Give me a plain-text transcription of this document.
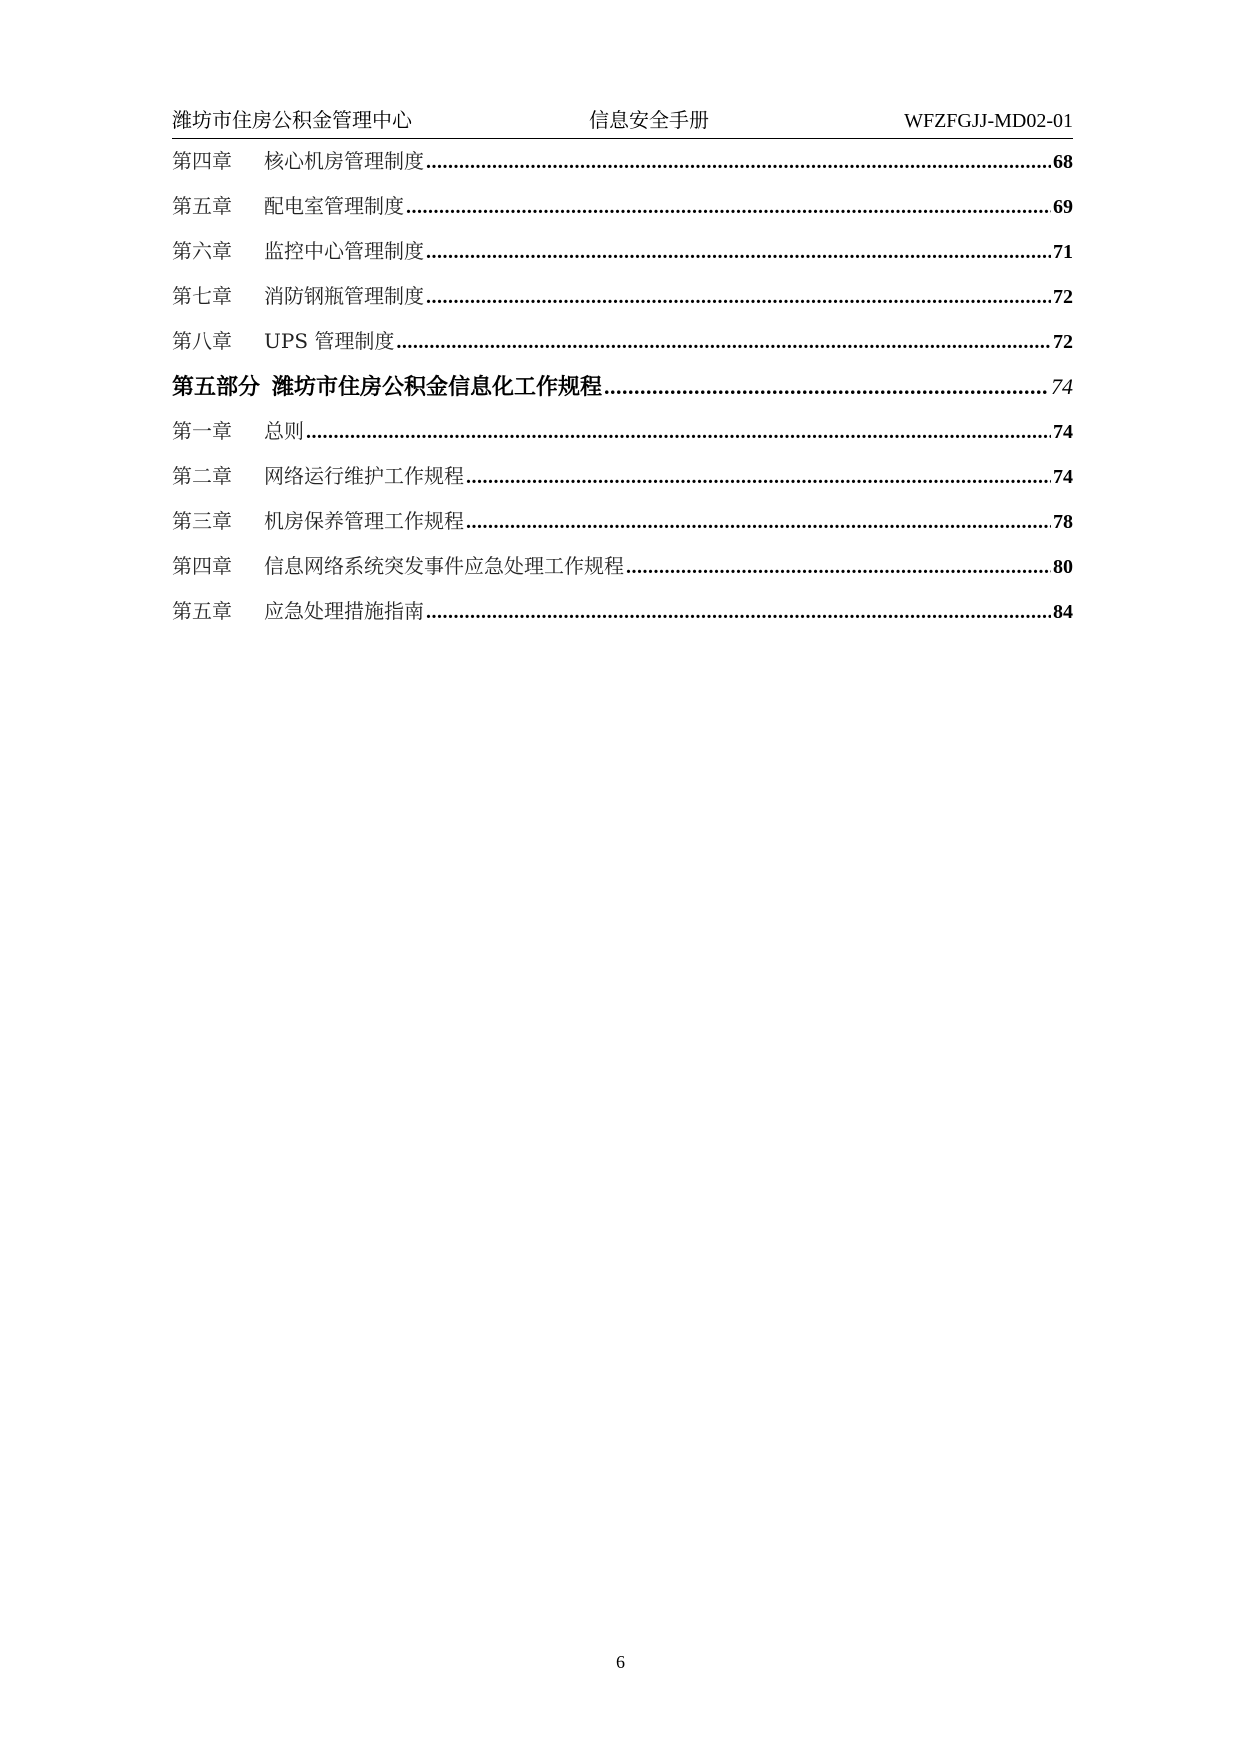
潍坊市住房公积金管理中心	信息安全手册	WFZFGJJ-MD02-01
第四章	核心机房管理制度 .....	68
第五章	配电室管理制度 .....	69
第六章	监控中心管理制度 .....	71
第七章	消防钢瓶管理制度 .....	72
第八章	UPS 管理制度 .....	72
第五部分 潍坊市住房公积金信息化工作规程 .....	74
第一章	总则 .....	74
第二章	网络运行维护工作规程 .....	74
第三章	机房保养管理工作规程 .....	78
第四章	信息网络系统突发事件应急处理工作规程 .....	80
第五章	应急处理措施指南 .....	84
6
